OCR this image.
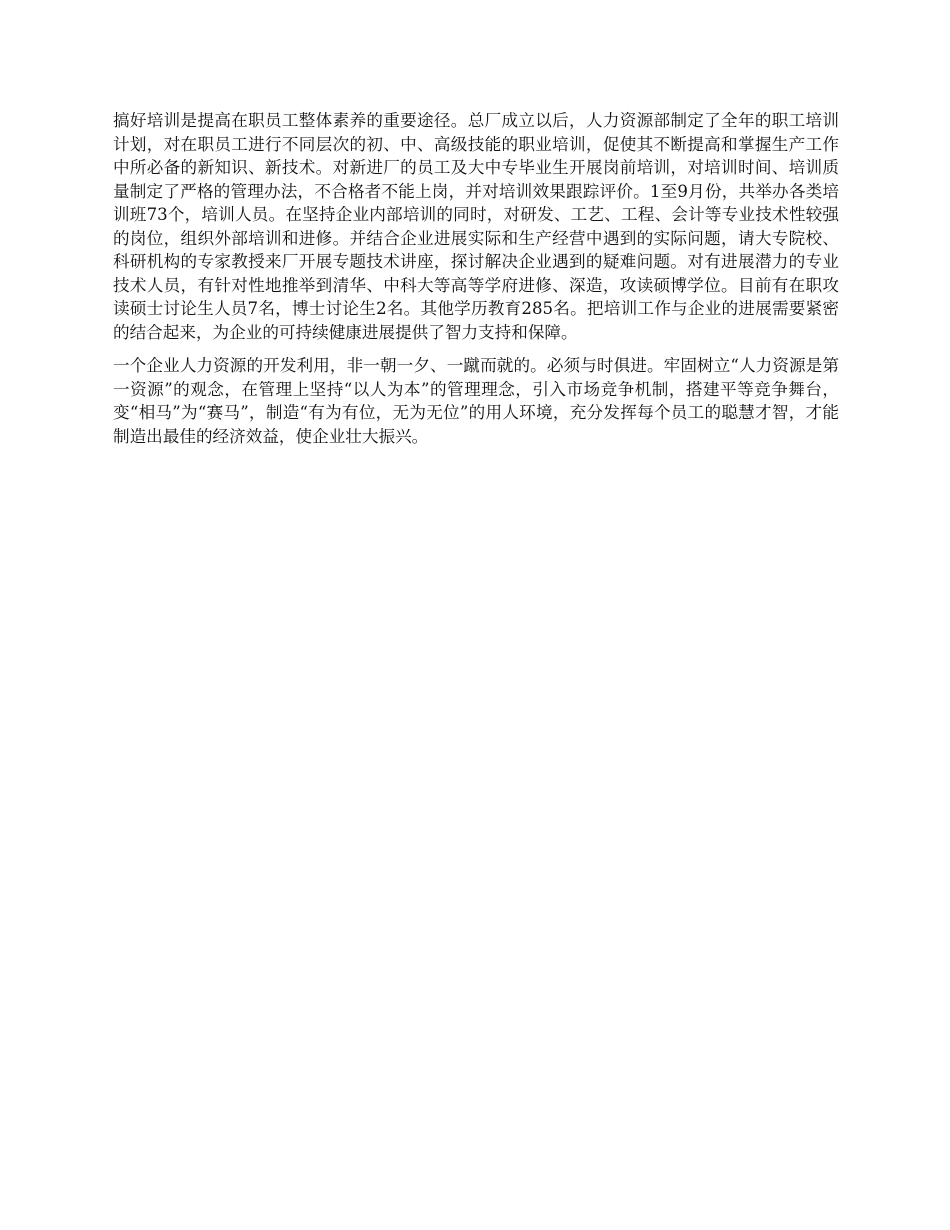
搞好培训是提高在职员工整体素养的重要途径。总厂成立以后，人力资源部制定了全年的职工培训计划，对在职员工进行不同层次的初、中、高级技能的职业培训，促使其不断提高和掌握生产工作中所必备的新知识、新技术。对新进厂的员工及大中专毕业生开展岗前培训，对培训时间、培训质量制定了严格的管理办法，不合格者不能上岗，并对培训效果跟踪评价。1至9月份，共举办各类培训班73个，培训人员。在坚持企业内部培训的同时，对研发、工艺、工程、会计等专业技术性较强的岗位，组织外部培训和进修。并结合企业进展实际和生产经营中遇到的实际问题，请大专院校、科研机构的专家教授来厂开展专题技术讲座，探讨解决企业遇到的疑难问题。对有进展潜力的专业技术人员，有针对性地推举到清华、中科大等高等学府进修、深造，攻读硕博学位。目前有在职攻读硕士讨论生人员7名，博士讨论生2名。其他学历教育285名。把培训工作与企业的进展需要紧密的结合起来，为企业的可持续健康进展提供了智力支持和保障。

一个企业人力资源的开发利用，非一朝一夕、一蹴而就的。必须与时俱进。牢固树立“人力资源是第一资源”的观念，在管理上坚持“以人为本”的管理理念，引入市场竞争机制，搭建平等竞争舞台，变“相马”为“赛马”，制造“有为有位，无为无位”的用人环境，充分发挥每个员工的聪慧才智，才能制造出最佳的经济效益，使企业壮大振兴。
